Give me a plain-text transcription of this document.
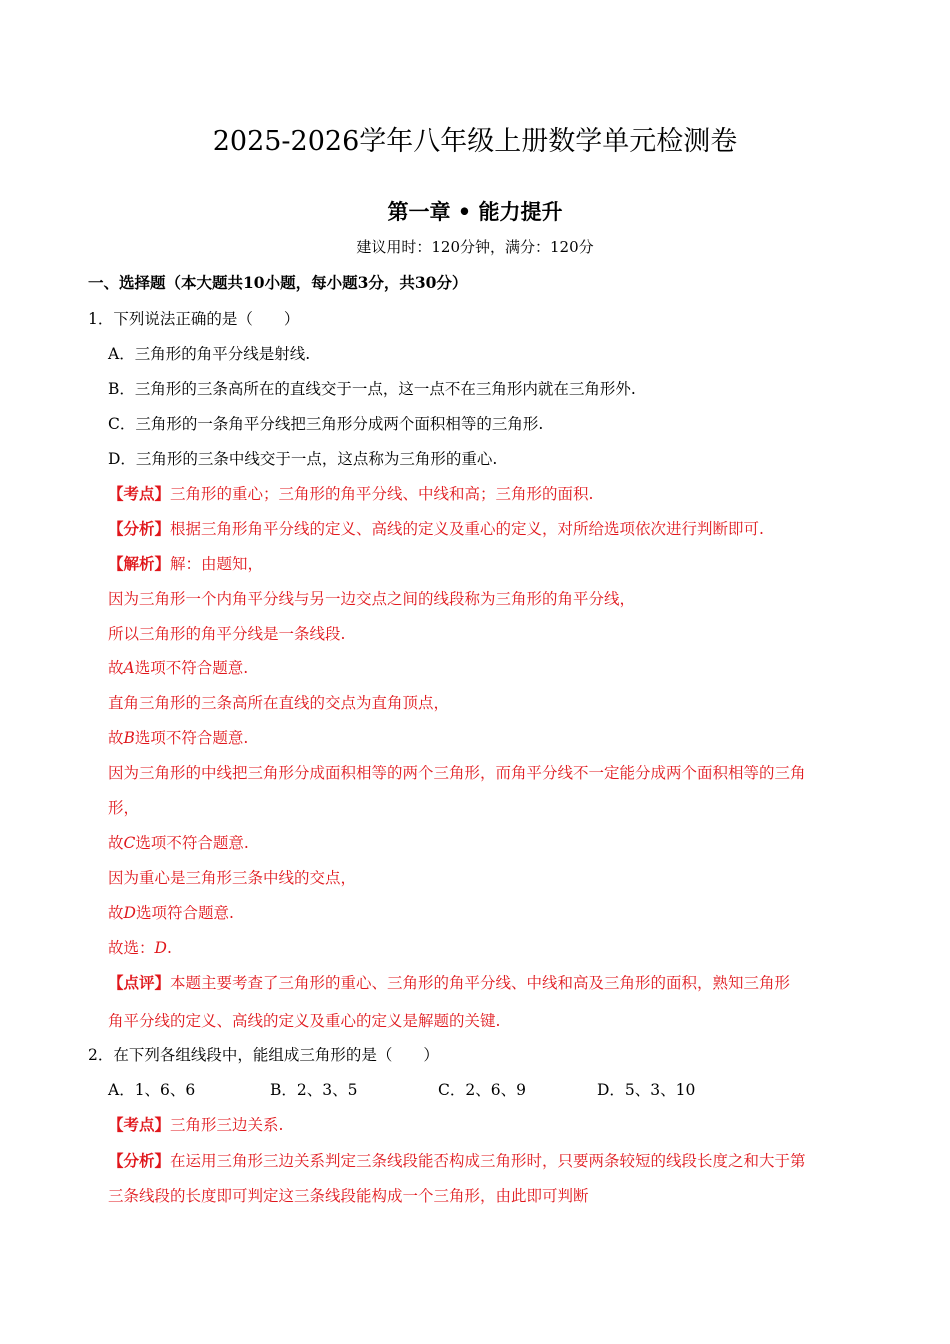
2025-2026学年八年级上册数学单元检测卷
第一章 • 能力提升
建议用时：120分钟，满分：120分
一、选择题（本大题共10小题，每小题3分，共30分）
1．下列说法正确的是（　　）
A．三角形的角平分线是射线.
B．三角形的三条高所在的直线交于一点，这一点不在三角形内就在三角形外.
C．三角形的一条角平分线把三角形分成两个面积相等的三角形.
D．三角形的三条中线交于一点，这点称为三角形的重心.
【考点】三角形的重心；三角形的角平分线、中线和高；三角形的面积.
【分析】根据三角形角平分线的定义、高线的定义及重心的定义，对所给选项依次进行判断即可.
【解析】解：由题知，
因为三角形一个内角平分线与另一边交点之间的线段称为三角形的角平分线，
所以三角形的角平分线是一条线段.
故A选项不符合题意.
直角三角形的三条高所在直线的交点为直角顶点，
故B选项不符合题意.
因为三角形的中线把三角形分成面积相等的两个三角形，而角平分线不一定能分成两个面积相等的三角
形，
故C选项不符合题意.
因为重心是三角形三条中线的交点，
故D选项符合题意.
故选：D.
【点评】本题主要考查了三角形的重心、三角形的角平分线、中线和高及三角形的面积，熟知三角形
角平分线的定义、高线的定义及重心的定义是解题的关键.
2．在下列各组线段中，能组成三角形的是（　　）
A．1、6、6	B．2、3、5	C．2、6、9	D．5、3、10
【考点】三角形三边关系.
【分析】在运用三角形三边关系判定三条线段能否构成三角形时，只要两条较短的线段长度之和大于第
三条线段的长度即可判定这三条线段能构成一个三角形，由此即可判断
